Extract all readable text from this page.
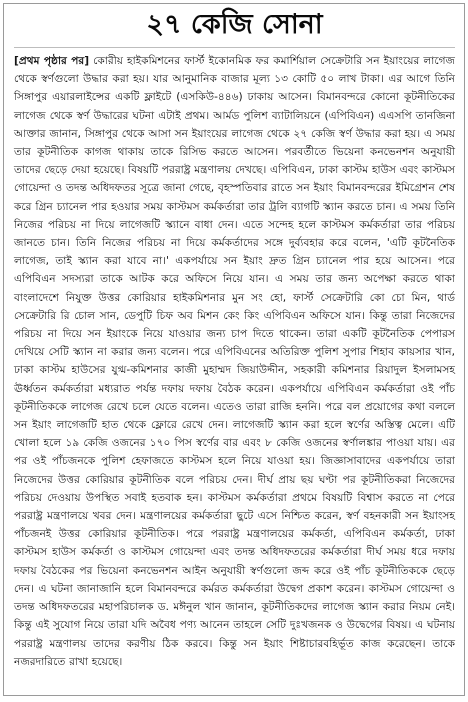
২৭ কেজি সোনা

[প্রথম পৃষ্ঠার পর] কোরীয় হাইকমিশনের ফার্স্ট ইকোনমিক ফর কমার্শিয়াল সেক্রেটারি সন ইয়াংয়ের লাগেজ থেকে স্বর্ণগুলো উদ্ধার করা হয়। যার আনুমানিক বাজার মূল্য ১৩ কোটি ৫০ লাখ টাকা। এর আগে তিনি সিঙ্গাপুর এয়ারলাইন্সের একটি ফ্লাইটে (এসকিউ-৪৪৬) ঢাকায় আসেন। বিমানবন্দরে কোনো কূটনীতিকের লাগেজ থেকে স্বর্ণ উদ্ধারের ঘটনা এটাই প্রথম। আর্মড পুলিশ ব্যাটালিয়নে (এপিবিএন) এএসপি তানজিনা আক্তার জানান, সিঙ্গাপুর থেকে আসা সন ইয়াংয়ের লাগেজ থেকে ২৭ কেজি স্বর্ণ উদ্ধার করা হয়। এ সময় তার কূটনীতিক কাগজ থাকায় তাকে রিসিভ করতে আসেন। পরবর্তীতে ভিয়েনা কনভেনশন অনুযায়ী তাদের ছেড়ে দেয়া হয়েছে। বিষয়টি পররাষ্ট্র মন্ত্রণালয় দেখছে। এপিবিএন, ঢাকা কাস্টম হাউস এবং কাস্টমস গোয়েন্দা ও তদন্ত অধিদফতর সূত্রে জানা গেছে, বৃহস্পতিবার রাতে সন ইয়াং বিমানবন্দরের ইমিগ্রেশন শেষ করে গ্রিন চ্যানেল পার হওয়ার সময় কাস্টমস কর্মকর্তারা তার ট্রলি ব্যাগটি স্ক্যান করতে চান। এ সময় তিনি নিজের পরিচয় না দিয়ে লাগেজটি স্ক্যানে বাধা দেন। এতে সন্দেহ হলে কাস্টমস কর্মকর্তারা তার পরিচয় জানতে চান। তিনি নিজের পরিচয় না দিয়ে কর্মকর্তাদের সঙ্গে দুর্ব্যবহার করে বলেন, 'এটি কূটনৈতিক লাগেজ, তাই স্ক্যান করা যাবে না।' একপর্যায়ে সন ইয়াং দ্রুত গ্রিন চ্যানেল পার হয়ে আসেন। পরে এপিবিএন সদস্যরা তাকে আটক করে অফিসে নিয়ে যান। এ সময় তার জন্য অপেক্ষা করতে থাকা বাংলাদেশে নিযুক্ত উত্তর কোরিয়ার হাইকমিশনার মুন সং হো, ফার্স্ট সেক্রেটারি কো চো মিন, থার্ড সেক্রেটারি রি চোল সান, ডেপুটি চিফ অব মিশন কেং কিং এপিবিএন অফিসে যান। কিন্তু তারা নিজেদের পরিচয় না দিয়ে সন ইয়াংকে নিয়ে যাওয়ার জন্য চাপ দিতে থাকেন। তারা একটি কূটনৈতিক পেপারস দেখিয়ে সেটি স্ক্যান না করার জন্য বলেন। পরে এপিবিএনের অতিরিক্ত পুলিশ সুপার শিহাব কায়সার খান, ঢাকা কাস্টম হাউসের যুগ্ম-কমিশনার কাজী মুহাম্মদ জিয়াউদ্দীন, সহকারী কমিশনার রিয়াদুল ইসলামসহ ঊর্ধ্বতন কর্মকর্তারা মধ্যরাত পর্যন্ত দফায় দফায় বৈঠক করেন। একপর্যায়ে এপিবিএন কর্মকর্তারা ওই পাঁচ কূটনীতিককে লাগেজ রেখে চলে যেতে বলেন। এতেও তারা রাজি হননি। পরে বল প্রয়োগের কথা বললে সন ইয়াং লাগেজটি হাত থেকে ফ্লোরে রেখে দেন। লাগেজটি স্ক্যান করা হলে স্বর্ণের অস্তিত্ব মেলে। এটি খোলা হলে ১৯ কেজি ওজনের ১৭০ পিস স্বর্ণের বার এবং ৮ কেজি ওজনের স্বর্ণালঙ্কার পাওয়া যায়। এর পর ওই পাঁচজনকে পুলিশ হেফাজতে কাস্টমস হলে নিয়ে যাওয়া হয়। জিজ্ঞাসাবাদের একপর্যায়ে তারা নিজেদের উত্তর কোরিয়ার কূটনীতিক বলে পরিচয় দেন। দীর্ঘ প্রায় ছয় ঘণ্টা পর কূটনীতিকরা নিজেদের পরিচয় দেওয়ায় উপস্থিত সবাই হতবাক হন। কাস্টমস কর্মকর্তারা প্রথমে বিষয়টি বিশ্বাস করতে না পেরে পররাষ্ট্র মন্ত্রণালয়ে খবর দেন। মন্ত্রণালয়ের কর্মকর্তারা ছুটে এসে নিশ্চিত করেন, স্বর্ণ বহনকারী সন ইয়াংসহ পাঁচজনই উত্তর কোরিয়ার কূটনীতিক। পরে পররাষ্ট্র মন্ত্রণালয়ের কর্মকর্তা, এপিবিএন কর্মকর্তা, ঢাকা কাস্টমস হাউস কর্মকর্তা ও কাস্টমস গোয়েন্দা এবং তদন্ত অধিদফতরের কর্মকর্তারা দীর্ঘ সময় ধরে দফায় দফায় বৈঠকের পর ভিয়েনা কনভেনশন আইন অনুযায়ী স্বর্ণগুলো জব্দ করে ওই পাঁচ কূটনীতিককে ছেড়ে দেন। এ ঘটনা জানাজানি হলে বিমানবন্দরে কর্মরত কর্মকর্তারা উদ্বেগ প্রকাশ করেন। কাস্টমস গোয়েন্দা ও তদন্ত অধিদফতরের মহাপরিচালক ড. মঈনুল খান জানান, কূটনীতিকদের লাগেজ স্ক্যান করার নিয়ম নেই। কিন্তু এই সুযোগ নিয়ে তারা যদি অবৈধ পণ্য আনেন তাহলে সেটি দুঃখজনক ও উদ্বেগের বিষয়। এ ঘটনায় পররাষ্ট্র মন্ত্রণালয় তাদের করণীয় ঠিক করবে। কিন্তু সন ইয়াং শিষ্টাচারবহির্ভূত কাজ করেছেন। তাকে নজরদারিতে রাখা হয়েছে।
